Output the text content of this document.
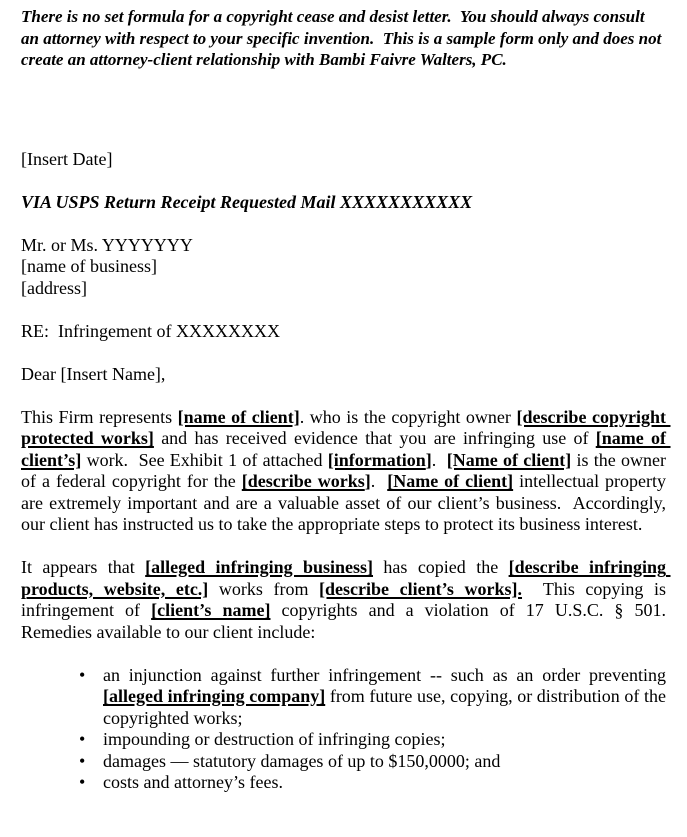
There is no set formula for a copyright cease and desist letter.  You should always consult an attorney with respect to your specific invention.  This is a sample form only and does not create an attorney-client relationship with Bambi Faivre Walters, PC.

[Insert Date]

VIA USPS Return Receipt Requested Mail XXXXXXXXXXX

Mr. or Ms. YYYYYYY

[name of business]

[address]

RE:  Infringement of XXXXXXXX

Dear [Insert Name],

This Firm represents [name of client]. who is the copyright owner [describe copyright protected works] and has received evidence that you are infringing use of [name of client’s] work.  See Exhibit 1 of attached [information].  [Name of client] is the owner of a federal copyright for the [describe works].  [Name of client] intellectual property are extremely important and are a valuable asset of our client’s business.  Accordingly, our client has instructed us to take the appropriate steps to protect its business interest.

It appears that [alleged infringing business] has copied the [describe infringing products, website, etc.] works from [describe client’s works].  This copying is infringement of [client’s name] copyrights and a violation of 17 U.S.C. § 501.  Remedies available to our client include:

• an injunction against further infringement -- such as an order preventing [alleged infringing company] from future use, copying, or distribution of the copyrighted works;
• impounding or destruction of infringing copies;
• damages — statutory damages of up to $150,0000; and
• costs and attorney’s fees.
